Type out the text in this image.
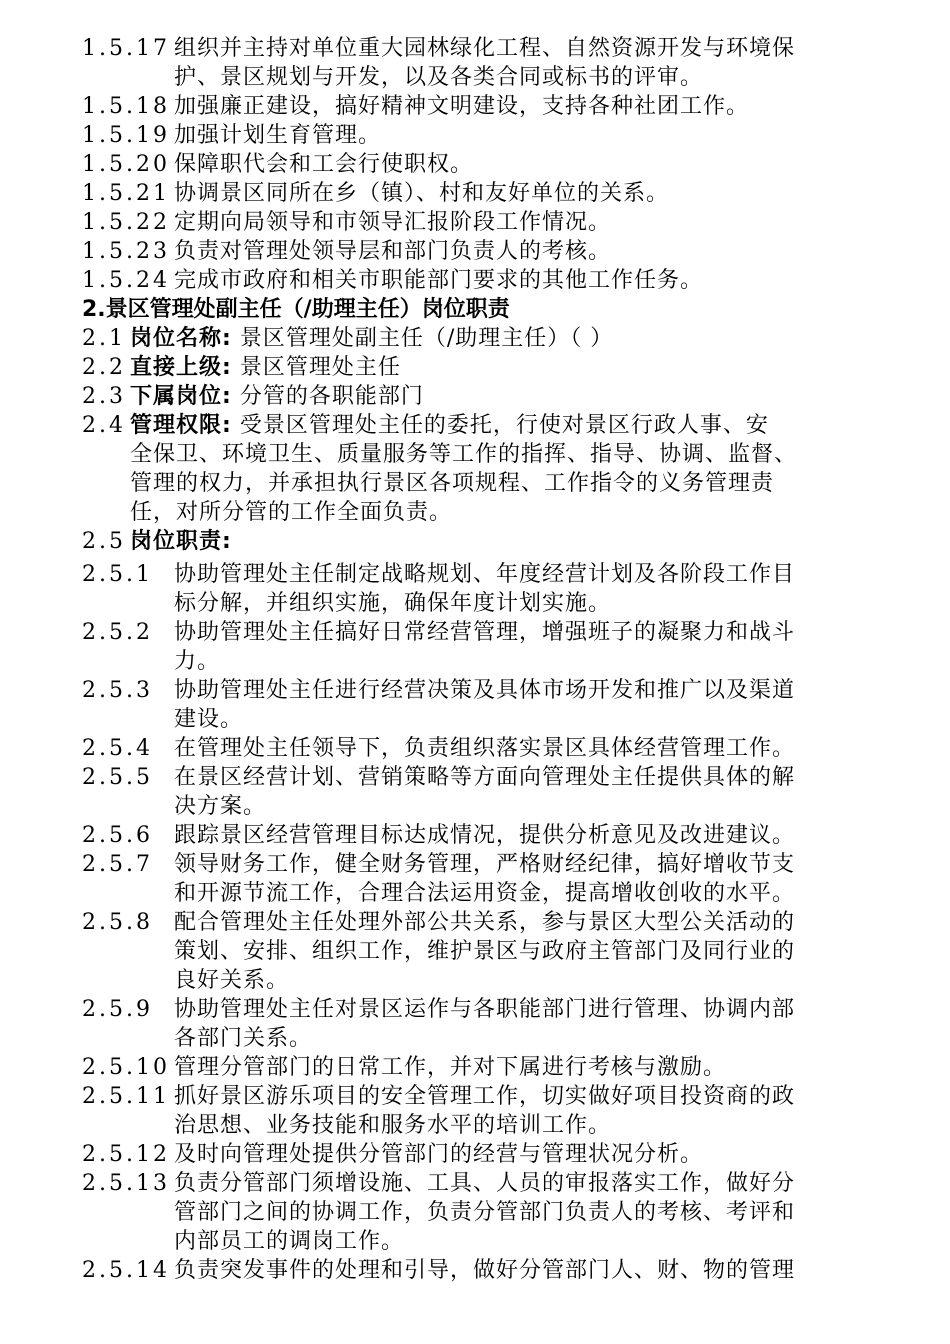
1.5.17 组织并主持对单位重大园林绿化工程、自然资源开发与环境保
护、景区规划与开发，以及各类合同或标书的评审。
1.5.18 加强廉正建设，搞好精神文明建设，支持各种社团工作。
1.5.19 加强计划生育管理。
1.5.20 保障职代会和工会行使职权。
1.5.21 协调景区同所在乡（镇）、村和友好单位的关系。
1.5.22 定期向局领导和市领导汇报阶段工作情况。
1.5.23 负责对管理处领导层和部门负责人的考核。
1.5.24 完成市政府和相关市职能部门要求的其他工作任务。
2.景区管理处副主任（/助理主任）岗位职责
2.1 岗位名称: 景区管理处副主任（/助理主任）（ ）
2.2 直接上级: 景区管理处主任
2.3 下属岗位: 分管的各职能部门
2.4 管理权限: 受景区管理处主任的委托，行使对景区行政人事、安
全保卫、环境卫生、质量服务等工作的指挥、指导、协调、监督、
管理的权力，并承担执行景区各项规程、工作指令的义务管理责
任，对所分管的工作全面负责。
2.5 岗位职责:
2.5.1 协助管理处主任制定战略规划、年度经营计划及各阶段工作目
标分解，并组织实施，确保年度计划实施。
2.5.2 协助管理处主任搞好日常经营管理，增强班子的凝聚力和战斗
力。
2.5.3 协助管理处主任进行经营决策及具体市场开发和推广以及渠道
建设。
2.5.4 在管理处主任领导下，负责组织落实景区具体经营管理工作。
2.5.5 在景区经营计划、营销策略等方面向管理处主任提供具体的解
决方案。
2.5.6 跟踪景区经营管理目标达成情况，提供分析意见及改进建议。
2.5.7 领导财务工作，健全财务管理，严格财经纪律，搞好增收节支
和开源节流工作，合理合法运用资金，提高增收创收的水平。
2.5.8 配合管理处主任处理外部公共关系，参与景区大型公关活动的
策划、安排、组织工作，维护景区与政府主管部门及同行业的
良好关系。
2.5.9 协助管理处主任对景区运作与各职能部门进行管理、协调内部
各部门关系。
2.5.10 管理分管部门的日常工作，并对下属进行考核与激励。
2.5.11 抓好景区游乐项目的安全管理工作，切实做好项目投资商的政
治思想、业务技能和服务水平的培训工作。
2.5.12 及时向管理处提供分管部门的经营与管理状况分析。
2.5.13 负责分管部门须增设施、工具、人员的审报落实工作，做好分
管部门之间的协调工作，负责分管部门负责人的考核、考评和
内部员工的调岗工作。
2.5.14 负责突发事件的处理和引导，做好分管部门人、财、物的管理
